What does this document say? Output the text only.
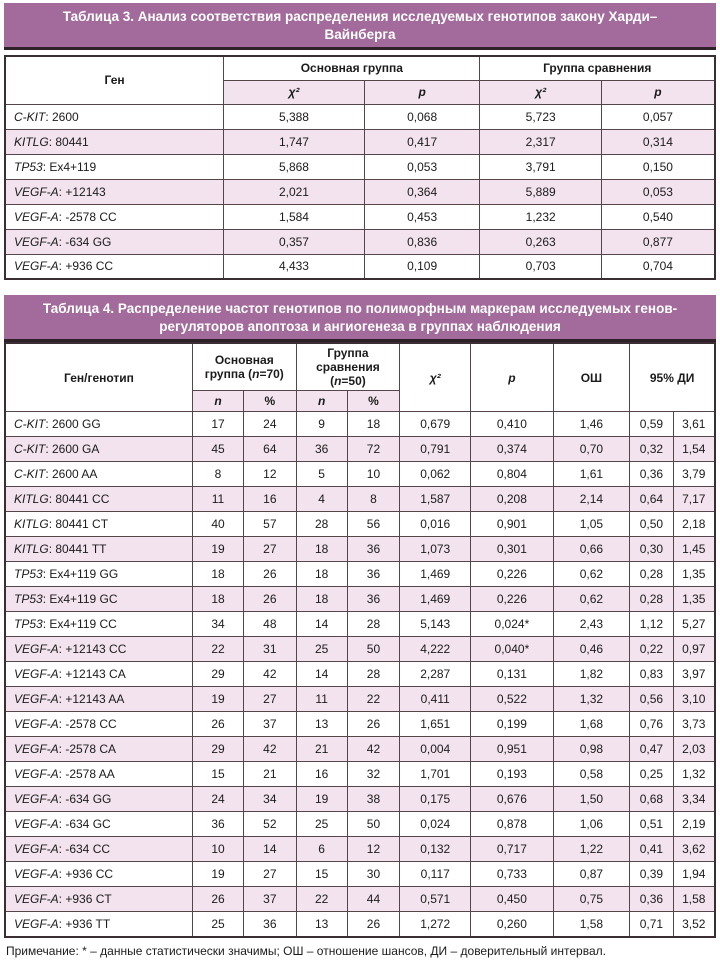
Таблица 3. Анализ соответствия распределения исследуемых генотипов закону Харди–Вайнберга
Ген	Основная группа		Группа сравнения	
	χ²	p	χ²	p
C-KIT: 2600	5,388	0,068	5,723	0,057
KITLG: 80441	1,747	0,417	2,317	0,314
TP53: Ex4+119	5,868	0,053	3,791	0,150
VEGF-A: +12143	2,021	0,364	5,889	0,053
VEGF-A: -2578 CC	1,584	0,453	1,232	0,540
VEGF-A: -634 GG	0,357	0,836	0,263	0,877
VEGF-A: +936 CC	4,433	0,109	0,703	0,704
Таблица 4. Распределение частот генотипов по полиморфным маркерам исследуемых генов-регуляторов апоптоза и ангиогенеза в группах наблюдения
Ген/генотип	Основная группа (n=70)		Группа сравнения (n=50)		χ²	p	ОШ	95% ДИ	
	n	%	n	%					
C-KIT: 2600 GG	17	24	9	18	0,679	0,410	1,46	0,59	3,61
C-KIT: 2600 GA	45	64	36	72	0,791	0,374	0,70	0,32	1,54
C-KIT: 2600 AA	8	12	5	10	0,062	0,804	1,61	0,36	3,79
KITLG: 80441 CC	11	16	4	8	1,587	0,208	2,14	0,64	7,17
KITLG: 80441 CT	40	57	28	56	0,016	0,901	1,05	0,50	2,18
KITLG: 80441 TT	19	27	18	36	1,073	0,301	0,66	0,30	1,45
TP53: Ex4+119 GG	18	26	18	36	1,469	0,226	0,62	0,28	1,35
TP53: Ex4+119 GC	18	26	18	36	1,469	0,226	0,62	0,28	1,35
TP53: Ex4+119 CC	34	48	14	28	5,143	0,024*	2,43	1,12	5,27
VEGF-A: +12143 CC	22	31	25	50	4,222	0,040*	0,46	0,22	0,97
VEGF-A: +12143 CA	29	42	14	28	2,287	0,131	1,82	0,83	3,97
VEGF-A: +12143 AA	19	27	11	22	0,411	0,522	1,32	0,56	3,10
VEGF-A: -2578 CC	26	37	13	26	1,651	0,199	1,68	0,76	3,73
VEGF-A: -2578 CA	29	42	21	42	0,004	0,951	0,98	0,47	2,03
VEGF-A: -2578 AA	15	21	16	32	1,701	0,193	0,58	0,25	1,32
VEGF-A: -634 GG	24	34	19	38	0,175	0,676	1,50	0,68	3,34
VEGF-A: -634 GC	36	52	25	50	0,024	0,878	1,06	0,51	2,19
VEGF-A: -634 CC	10	14	6	12	0,132	0,717	1,22	0,41	3,62
VEGF-A: +936 CC	19	27	15	30	0,117	0,733	0,87	0,39	1,94
VEGF-A: +936 CT	26	37	22	44	0,571	0,450	0,75	0,36	1,58
VEGF-A: +936 TT	25	36	13	26	1,272	0,260	1,58	0,71	3,52
Примечание: * – данные статистически значимы; ОШ – отношение шансов, ДИ – доверительный интервал.
